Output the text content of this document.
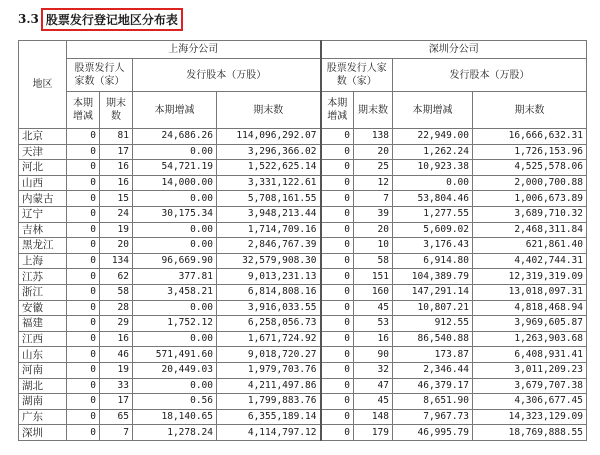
3.3 股票发行登记地区分布表
地区	上海分公司				深圳分公司			
	股票发行人家数（家）		发行股本（万股）		股票发行人家数（家）		发行股本（万股）	
	本期增减	期末数	本期增减	期末数	本期增减	期末数	本期增减	期末数
北京	0	81	24,686.26	114,096,292.07	0	138	22,949.00	16,666,632.31
天津	0	17	0.00	3,296,366.02	0	20	1,262.24	1,726,153.96
河北	0	16	54,721.19	1,522,625.14	0	25	10,923.38	4,525,578.06
山西	0	16	14,000.00	3,331,122.61	0	12	0.00	2,000,700.88
内蒙古	0	15	0.00	5,708,161.55	0	7	53,804.46	1,006,673.89
辽宁	0	24	30,175.34	3,948,213.44	0	39	1,277.55	3,689,710.32
吉林	0	19	0.00	1,714,709.16	0	20	5,609.02	2,468,311.84
黑龙江	0	20	0.00	2,846,767.39	0	10	3,176.43	621,861.40
上海	0	134	96,669.90	32,579,908.30	0	58	6,914.80	4,402,744.31
江苏	0	62	377.81	9,013,231.13	0	151	104,389.79	12,319,319.09
浙江	0	58	3,458.21	6,814,808.16	0	160	147,291.14	13,018,097.31
安徽	0	28	0.00	3,916,033.55	0	45	10,807.21	4,818,468.94
福建	0	29	1,752.12	6,258,056.73	0	53	912.55	3,969,605.87
江西	0	16	0.00	1,671,724.92	0	16	86,540.88	1,263,903.68
山东	0	46	571,491.60	9,018,720.27	0	90	173.87	6,408,931.41
河南	0	19	20,449.03	1,979,703.76	0	32	2,346.44	3,011,209.23
湖北	0	33	0.00	4,211,497.86	0	47	46,379.17	3,679,707.38
湖南	0	17	0.56	1,799,883.76	0	45	8,651.90	4,306,677.45
广东	0	65	18,140.65	6,355,189.14	0	148	7,967.73	14,323,129.09
深圳	0	7	1,278.24	4,114,797.12	0	179	46,995.79	18,769,888.55
